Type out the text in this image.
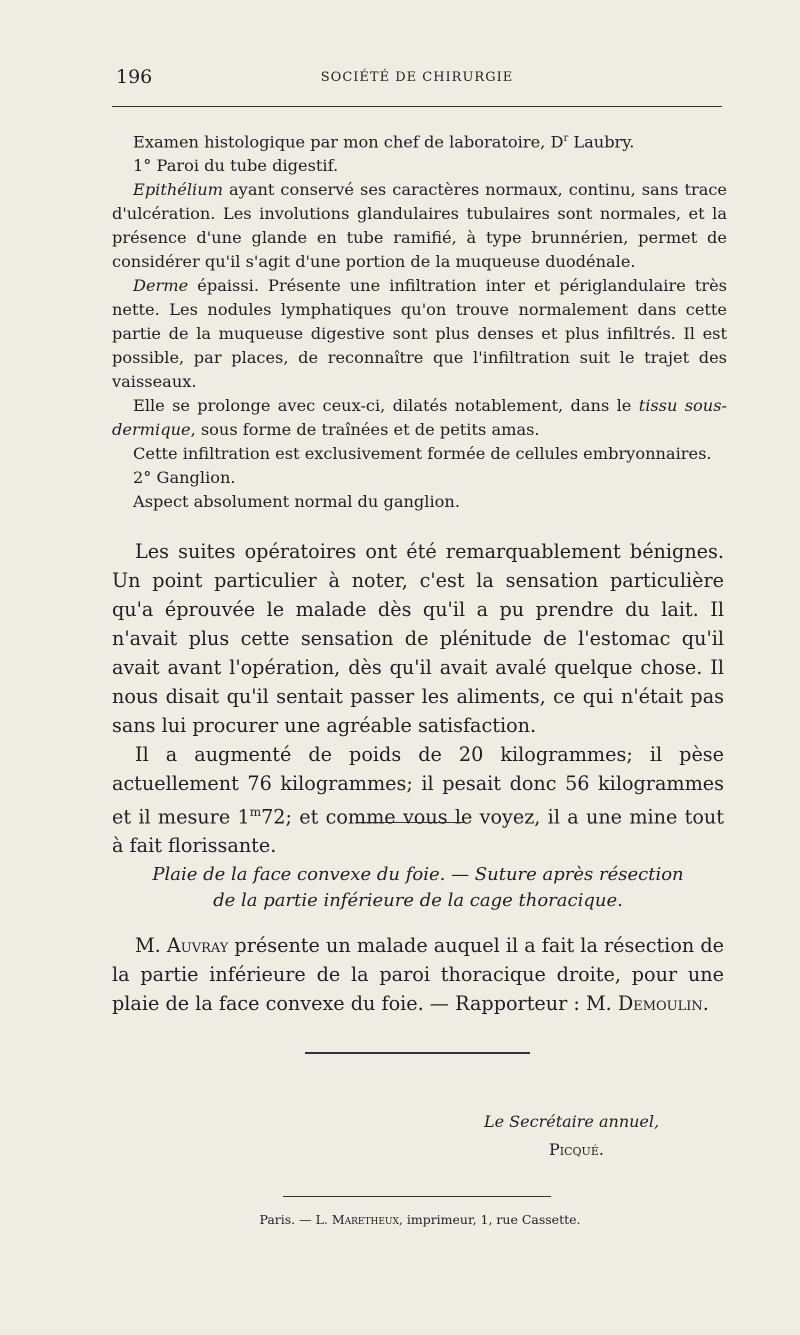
196	SOCIÉTÉ DE CHIRURGIE

Examen histologique par mon chef de laboratoire, $D^r$ Laubry.

1° Paroi du tube digestif.

Epithélium ayant conservé ses caractères normaux, continu, sans trace d'ulcération. Les involutions glandulaires tubulaires sont normales, et la présence d'une glande en tube ramifié, à type brunnérien, permet de considérer qu'il s'agit d'une portion de la muqueuse duodénale.

Derme épaissi. Présente une infiltration inter et périglandulaire très nette. Les nodules lymphatiques qu'on trouve normalement dans cette partie de la muqueuse digestive sont plus denses et plus infiltrés. Il est possible, par places, de reconnaître que l'infiltration suit le trajet des vaisseaux.

Elle se prolonge avec ceux-ci, dilatés notablement, dans le tissu sous-dermique, sous forme de traînées et de petits amas.

Cette infiltration est exclusivement formée de cellules embryonnaires.

2° Ganglion.

Aspect absolument normal du ganglion.

Les suites opératoires ont été remarquablement bénignes. Un point particulier à noter, c'est la sensation particulière qu'a éprouvée le malade dès qu'il a pu prendre du lait. Il n'avait plus cette sensation de plénitude de l'estomac qu'il avait avant l'opération, dès qu'il avait avalé quelque chose. Il nous disait qu'il sentait passer les aliments, ce qui n'était pas sans lui procurer une agréable satisfaction.

Il a augmenté de poids de 20 kilogrammes; il pèse actuellement 76 kilogrammes; il pesait donc 56 kilogrammes et il mesure 1$^m$72; et comme vous le voyez, il a une mine tout à fait florissante.

Plaie de la face convexe du foie. — Suture après résection

de la partie inférieure de la cage thoracique.

M. Auvray présente un malade auquel il a fait la résection de la partie inférieure de la paroi thoracique droite, pour une plaie de la face convexe du foie. — Rapporteur : M. Demoulin.

Le Secrétaire annuel,
Picqué.
Paris. — L. Maretheux, imprimeur, 1, rue Cassette.
